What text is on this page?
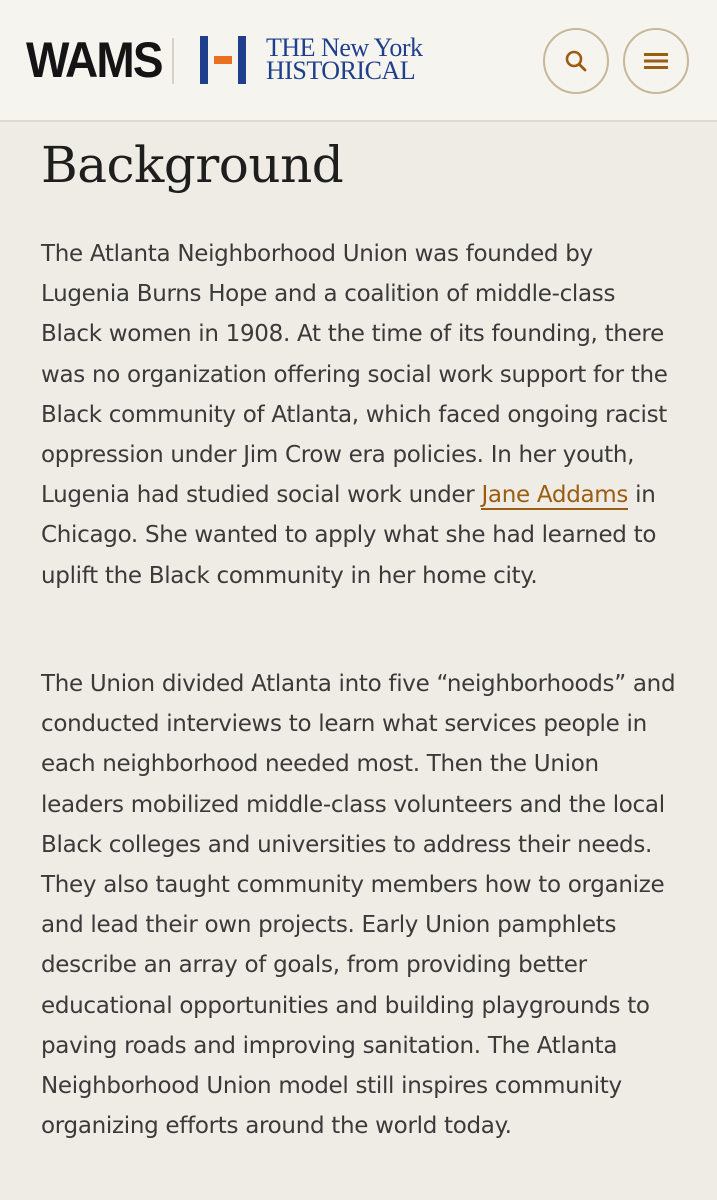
WAMS	THE New York
HISTORICAL
Background

The Atlanta Neighborhood Union was founded by Lugenia Burns Hope and a coalition of middle-class Black women in 1908. At the time of its founding, there was no organization offering social work support for the Black community of Atlanta, which faced ongoing racist oppression under Jim Crow era policies. In her youth, Lugenia had studied social work under Jane Addams in Chicago. She wanted to apply what she had learned to uplift the Black community in her home city.

The Union divided Atlanta into five “neighborhoods” and conducted interviews to learn what services people in each neighborhood needed most. Then the Union leaders mobilized middle-class volunteers and the local Black colleges and universities to address their needs. They also taught community members how to organize and lead their own projects. Early Union pamphlets describe an array of goals, from providing better educational opportunities and building playgrounds to paving roads and improving sanitation. The Atlanta Neighborhood Union model still inspires community organizing efforts around the world today.
